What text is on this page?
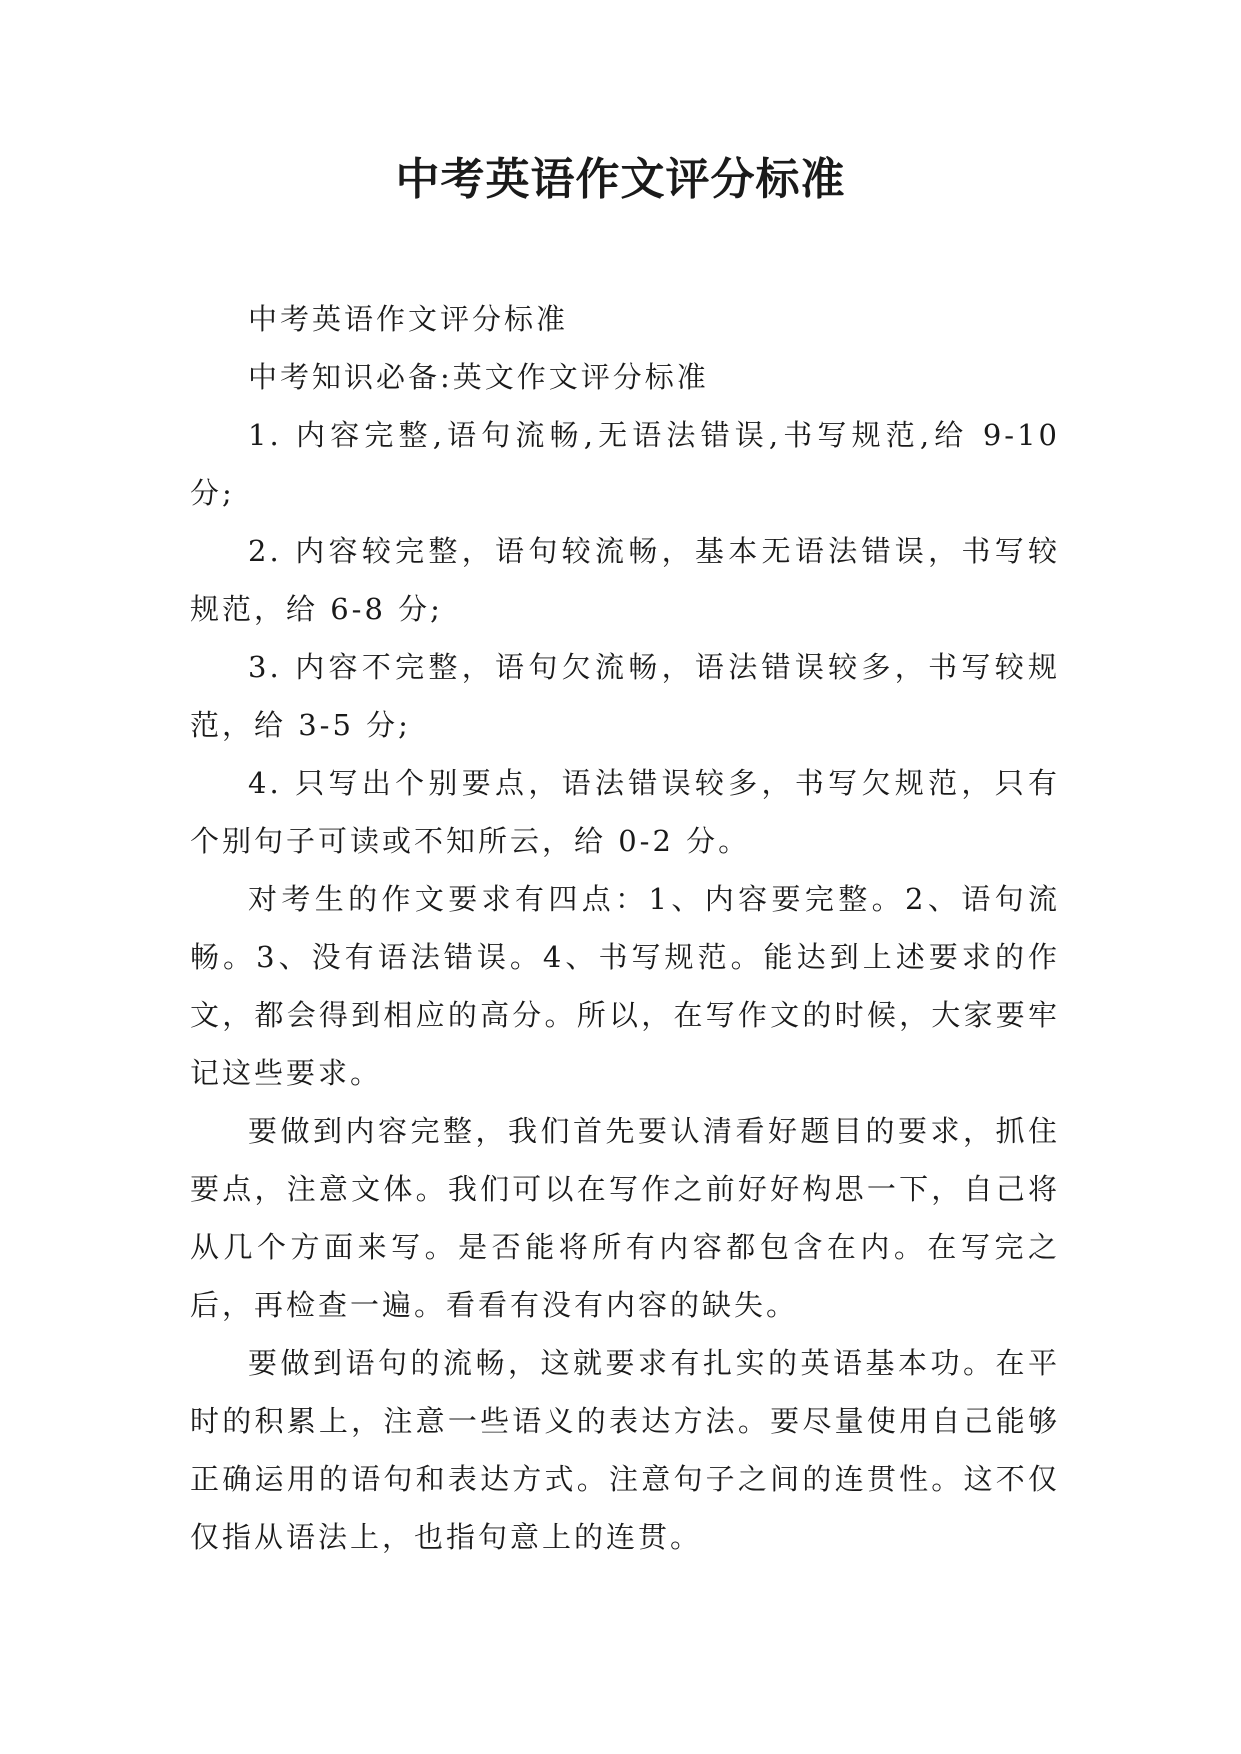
中考英语作文评分标准

中考英语作文评分标准

中考知识必备:英文作文评分标准

1. 内容完整,语句流畅,无语法错误,书写规范,给 9-10 分;

2. 内容较完整，语句较流畅，基本无语法错误，书写较规范，给 6-8 分;

3. 内容不完整，语句欠流畅，语法错误较多，书写较规范，给 3-5 分;

4. 只写出个别要点，语法错误较多，书写欠规范，只有个别句子可读或不知所云，给 0-2 分。

对考生的作文要求有四点：1、内容要完整。2、语句流畅。3、没有语法错误。4、书写规范。能达到上述要求的作文，都会得到相应的高分。所以，在写作文的时候，大家要牢记这些要求。

要做到内容完整，我们首先要认清看好题目的要求，抓住要点，注意文体。我们可以在写作之前好好构思一下，自己将从几个方面来写。是否能将所有内容都包含在内。在写完之后，再检查一遍。看看有没有内容的缺失。

要做到语句的流畅，这就要求有扎实的英语基本功。在平时的积累上，注意一些语义的表达方法。要尽量使用自己能够正确运用的语句和表达方式。注意句子之间的连贯性。这不仅仅指从语法上，也指句意上的连贯。
